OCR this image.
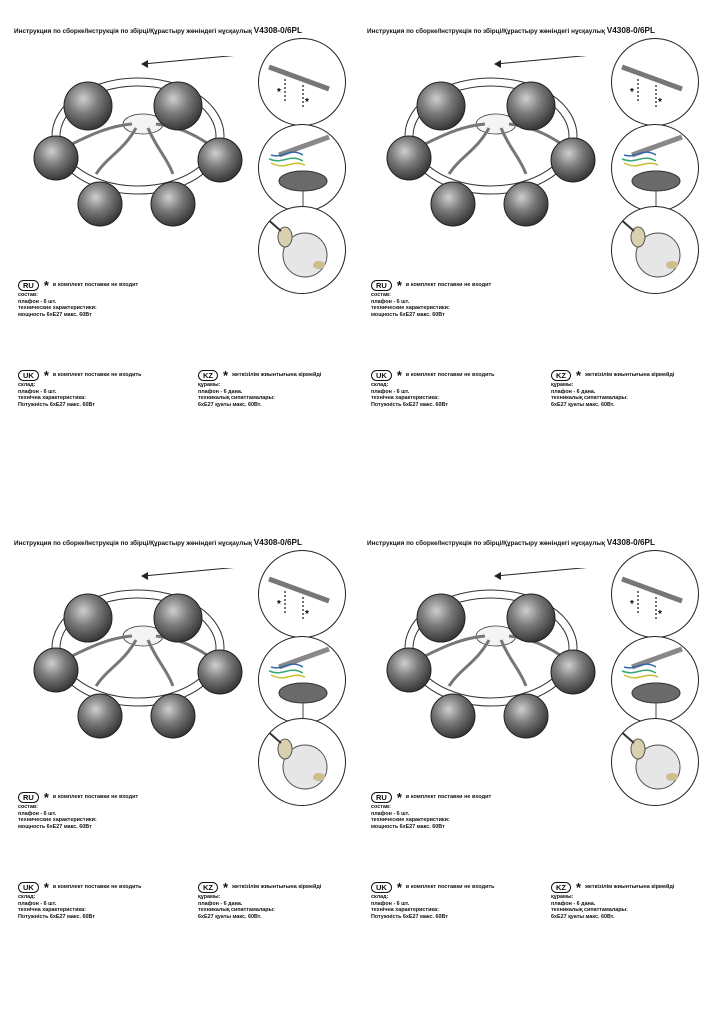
Инструкция по сборке/Інструкція по збірці/Құрастыру жөніндегі нұсқаулық V4308-0/6PL
*
*
RU * в комплект поставки не входит
состав:
плафон - 6 шт.
технические характеристики:
мощность 6хЕ27 макс. 60Вт
UK * в комплект поставки не входить
склад:
плафон - 6 шт.
технічна характеристика:
Потужність 6хЕ27 макс. 60Вт
KZ * жеткізілім жиынтығына кірмейді
құрамы:
плафон - 6 дана.
техникалық сипаттамалары:
6хЕ27 қуаты макс. 60Вт.
Инструкция по сборке/Інструкція по збірці/Құрастыру жөніндегі нұсқаулық V4308-0/6PL
*
*
RU * в комплект поставки не входит
состав:
плафон - 6 шт.
технические характеристики:
мощность 6хЕ27 макс. 60Вт
UK * в комплект поставки не входить
склад:
плафон - 6 шт.
технічна характеристика:
Потужність 6хЕ27 макс. 60Вт
KZ * жеткізілім жиынтығына кірмейді
құрамы:
плафон - 6 дана.
техникалық сипаттамалары:
6хЕ27 қуаты макс. 60Вт.
Инструкция по сборке/Інструкція по збірці/Құрастыру жөніндегі нұсқаулық V4308-0/6PL
*
*
RU * в комплект поставки не входит
состав:
плафон - 6 шт.
технические характеристики:
мощность 6хЕ27 макс. 60Вт
UK * в комплект поставки не входить
склад:
плафон - 6 шт.
технічна характеристика:
Потужність 6хЕ27 макс. 60Вт
KZ * жеткізілім жиынтығына кірмейді
құрамы:
плафон - 6 дана.
техникалық сипаттамалары:
6хЕ27 қуаты макс. 60Вт.
Инструкция по сборке/Інструкція по збірці/Құрастыру жөніндегі нұсқаулық V4308-0/6PL
*
*
RU * в комплект поставки не входит
состав:
плафон - 6 шт.
технические характеристики:
мощность 6хЕ27 макс. 60Вт
UK * в комплект поставки не входить
склад:
плафон - 6 шт.
технічна характеристика:
Потужність 6хЕ27 макс. 60Вт
KZ * жеткізілім жиынтығына кірмейді
құрамы:
плафон - 6 дана.
техникалық сипаттамалары:
6хЕ27 қуаты макс. 60Вт.
